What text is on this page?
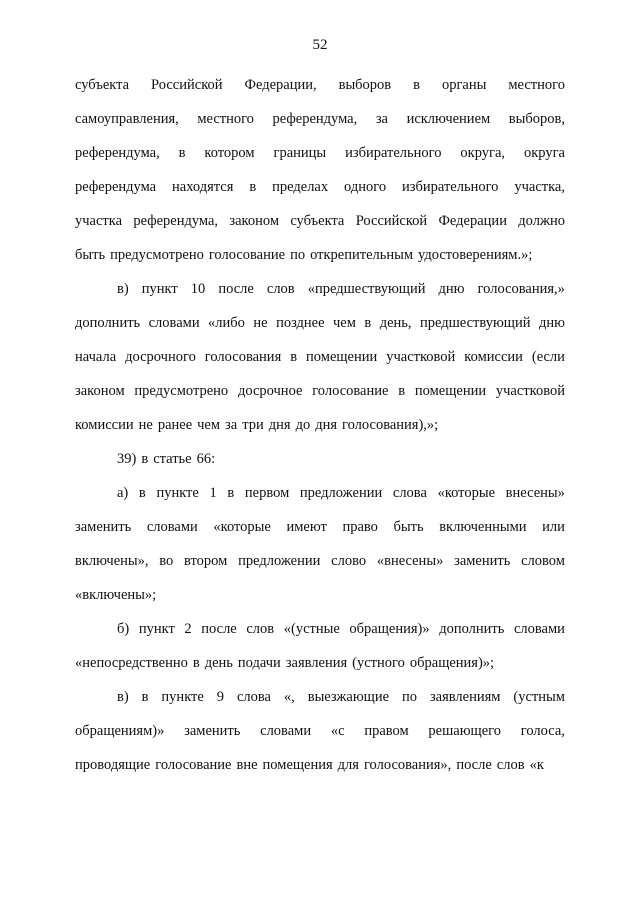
52
субъекта Российской Федерации, выборов в органы местного
самоуправления, местного референдума, за исключением выборов,
референдума, в котором границы избирательного округа, округа
референдума находятся в пределах одного избирательного участка,
участка референдума, законом субъекта Российской Федерации должно
быть предусмотрено голосование по открепительным удостоверениям.»;
в) пункт 10 после слов «предшествующий дню голосования,»
дополнить словами «либо не позднее чем в день, предшествующий дню
начала досрочного голосования в помещении участковой комиссии (если
законом предусмотрено досрочное голосование в помещении участковой
комиссии не ранее чем за три дня до дня голосования),»;
39) в статье 66:
а) в пункте 1 в первом предложении слова «которые внесены»
заменить словами «которые имеют право быть включенными или
включены», во втором предложении слово «внесены» заменить словом
«включены»;
б) пункт 2 после слов «(устные обращения)» дополнить словами
«непосредственно в день подачи заявления (устного обращения)»;
в) в пункте 9 слова «, выезжающие по заявлениям (устным
обращениям)» заменить словами «с правом решающего голоса,
проводящие голосование вне помещения для голосования», после слов «к
